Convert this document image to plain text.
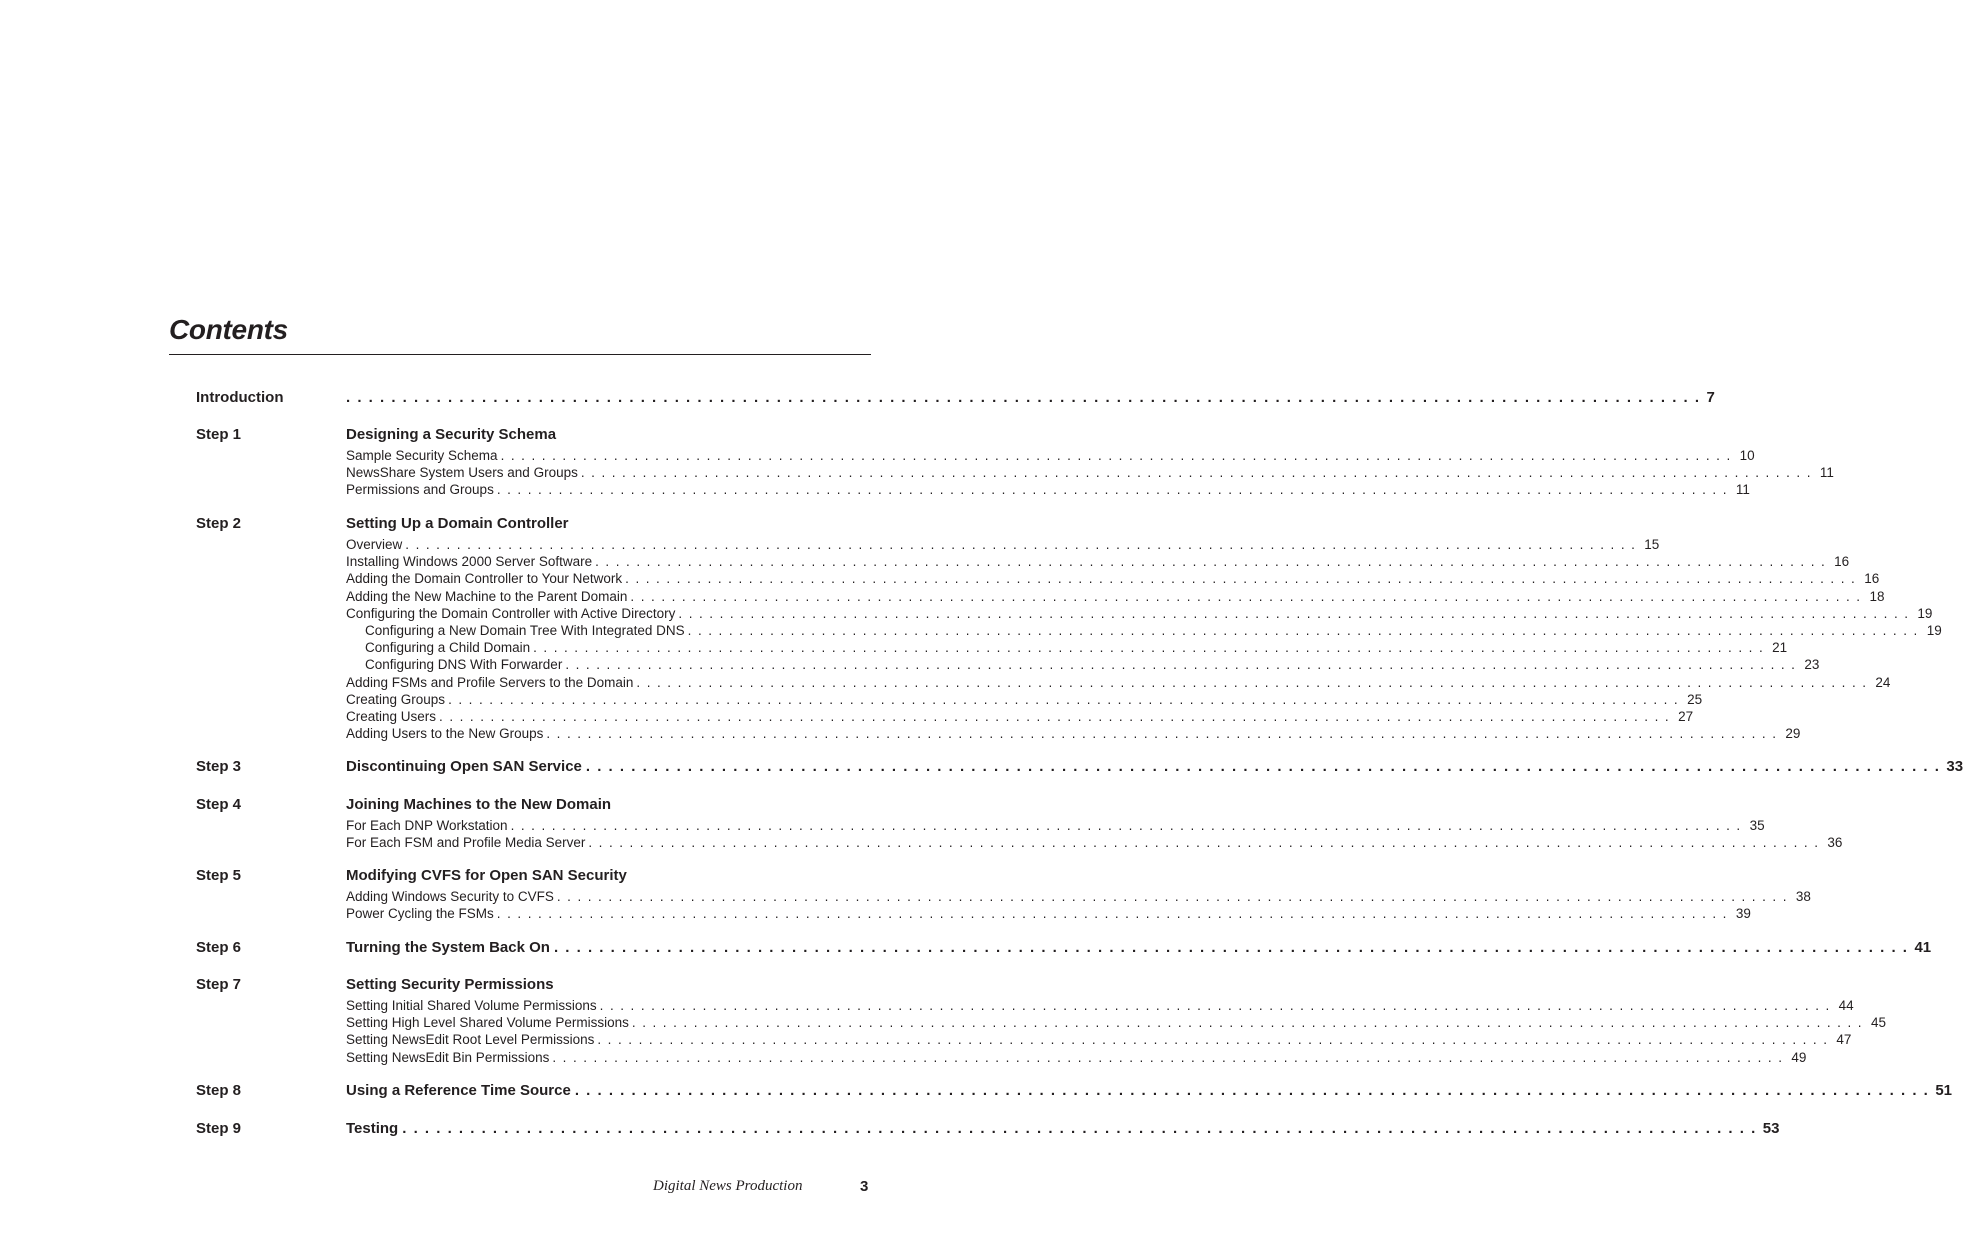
Contents
Introduction	. . . . . . . . . . . . . . . . . . . . . . . . . . . . . . . . . . . . . . . . . . . . . . . . . . . . . . . . . . . . . . . . . . . . . . . . . . . . . . . . . . . . . . . . . . . . . . . . . . . . . . . . . . . . . . . . . . . . . . . . 7
Step 1	Designing a Security Schema
Sample Security Schema . . . . . . . . . . . . . . . . . . . . . . . . . . . . . . . . . . . . . . . . . . . . . . . . . . . . . . . . . . . . . . . . . . . . . . . . . . . . . . . . . . . . . . . . . . . . . . . . . . . . . . . . . . . . . . . . . . . . . . . . 10
NewsShare System Users and Groups . . . . . . . . . . . . . . . . . . . . . . . . . . . . . . . . . . . . . . . . . . . . . . . . . . . . . . . . . . . . . . . . . . . . . . . . . . . . . . . . . . . . . . . . . . . . . . . . . . . . . . . . . . . . . . . . . . . . . . . . 11
Permissions and Groups . . . . . . . . . . . . . . . . . . . . . . . . . . . . . . . . . . . . . . . . . . . . . . . . . . . . . . . . . . . . . . . . . . . . . . . . . . . . . . . . . . . . . . . . . . . . . . . . . . . . . . . . . . . . . . . . . . . . . . . . 11
Step 2	Setting Up a Domain Controller
Overview . . . . . . . . . . . . . . . . . . . . . . . . . . . . . . . . . . . . . . . . . . . . . . . . . . . . . . . . . . . . . . . . . . . . . . . . . . . . . . . . . . . . . . . . . . . . . . . . . . . . . . . . . . . . . . . . . . . . . . . . 15
Installing Windows 2000 Server Software . . . . . . . . . . . . . . . . . . . . . . . . . . . . . . . . . . . . . . . . . . . . . . . . . . . . . . . . . . . . . . . . . . . . . . . . . . . . . . . . . . . . . . . . . . . . . . . . . . . . . . . . . . . . . . . . . . . . . . . . 16
Adding the Domain Controller to Your Network . . . . . . . . . . . . . . . . . . . . . . . . . . . . . . . . . . . . . . . . . . . . . . . . . . . . . . . . . . . . . . . . . . . . . . . . . . . . . . . . . . . . . . . . . . . . . . . . . . . . . . . . . . . . . . . . . . . . . . . . 16
Adding the New Machine to the Parent Domain . . . . . . . . . . . . . . . . . . . . . . . . . . . . . . . . . . . . . . . . . . . . . . . . . . . . . . . . . . . . . . . . . . . . . . . . . . . . . . . . . . . . . . . . . . . . . . . . . . . . . . . . . . . . . . . . . . . . . . . . 18
Configuring the Domain Controller with Active Directory . . . . . . . . . . . . . . . . . . . . . . . . . . . . . . . . . . . . . . . . . . . . . . . . . . . . . . . . . . . . . . . . . . . . . . . . . . . . . . . . . . . . . . . . . . . . . . . . . . . . . . . . . . . . . . . . . . . . . . . . 19
Configuring a New Domain Tree With Integrated DNS . . . . . . . . . . . . . . . . . . . . . . . . . . . . . . . . . . . . . . . . . . . . . . . . . . . . . . . . . . . . . . . . . . . . . . . . . . . . . . . . . . . . . . . . . . . . . . . . . . . . . . . . . . . . . . . . . . . . . . . . 19
Configuring a Child Domain . . . . . . . . . . . . . . . . . . . . . . . . . . . . . . . . . . . . . . . . . . . . . . . . . . . . . . . . . . . . . . . . . . . . . . . . . . . . . . . . . . . . . . . . . . . . . . . . . . . . . . . . . . . . . . . . . . . . . . . . 21
Configuring DNS With Forwarder . . . . . . . . . . . . . . . . . . . . . . . . . . . . . . . . . . . . . . . . . . . . . . . . . . . . . . . . . . . . . . . . . . . . . . . . . . . . . . . . . . . . . . . . . . . . . . . . . . . . . . . . . . . . . . . . . . . . . . . . 23
Adding FSMs and Profile Servers to the Domain . . . . . . . . . . . . . . . . . . . . . . . . . . . . . . . . . . . . . . . . . . . . . . . . . . . . . . . . . . . . . . . . . . . . . . . . . . . . . . . . . . . . . . . . . . . . . . . . . . . . . . . . . . . . . . . . . . . . . . . . 24
Creating Groups . . . . . . . . . . . . . . . . . . . . . . . . . . . . . . . . . . . . . . . . . . . . . . . . . . . . . . . . . . . . . . . . . . . . . . . . . . . . . . . . . . . . . . . . . . . . . . . . . . . . . . . . . . . . . . . . . . . . . . . . 25
Creating Users . . . . . . . . . . . . . . . . . . . . . . . . . . . . . . . . . . . . . . . . . . . . . . . . . . . . . . . . . . . . . . . . . . . . . . . . . . . . . . . . . . . . . . . . . . . . . . . . . . . . . . . . . . . . . . . . . . . . . . . . 27
Adding Users to the New Groups . . . . . . . . . . . . . . . . . . . . . . . . . . . . . . . . . . . . . . . . . . . . . . . . . . . . . . . . . . . . . . . . . . . . . . . . . . . . . . . . . . . . . . . . . . . . . . . . . . . . . . . . . . . . . . . . . . . . . . . . 29
Step 3	Discontinuing Open SAN Service . . . . . . . . . . . . . . . . . . . . . . . . . . . . . . . . . . . . . . . . . . . . . . . . . . . . . . . . . . . . . . . . . . . . . . . . . . . . . . . . . . . . . . . . . . . . . . . . . . . . . . . . . . . . . . . . . . . . . . . . 33
Step 4	Joining Machines to the New Domain
For Each DNP Workstation . . . . . . . . . . . . . . . . . . . . . . . . . . . . . . . . . . . . . . . . . . . . . . . . . . . . . . . . . . . . . . . . . . . . . . . . . . . . . . . . . . . . . . . . . . . . . . . . . . . . . . . . . . . . . . . . . . . . . . . . 35
For Each FSM and Profile Media Server . . . . . . . . . . . . . . . . . . . . . . . . . . . . . . . . . . . . . . . . . . . . . . . . . . . . . . . . . . . . . . . . . . . . . . . . . . . . . . . . . . . . . . . . . . . . . . . . . . . . . . . . . . . . . . . . . . . . . . . . 36
Step 5	Modifying CVFS for Open SAN Security
Adding Windows Security to CVFS . . . . . . . . . . . . . . . . . . . . . . . . . . . . . . . . . . . . . . . . . . . . . . . . . . . . . . . . . . . . . . . . . . . . . . . . . . . . . . . . . . . . . . . . . . . . . . . . . . . . . . . . . . . . . . . . . . . . . . . . 38
Power Cycling the FSMs . . . . . . . . . . . . . . . . . . . . . . . . . . . . . . . . . . . . . . . . . . . . . . . . . . . . . . . . . . . . . . . . . . . . . . . . . . . . . . . . . . . . . . . . . . . . . . . . . . . . . . . . . . . . . . . . . . . . . . . . 39
Step 6	Turning the System Back On . . . . . . . . . . . . . . . . . . . . . . . . . . . . . . . . . . . . . . . . . . . . . . . . . . . . . . . . . . . . . . . . . . . . . . . . . . . . . . . . . . . . . . . . . . . . . . . . . . . . . . . . . . . . . . . . . . . . . . . . 41
Step 7	Setting Security Permissions
Setting Initial Shared Volume Permissions . . . . . . . . . . . . . . . . . . . . . . . . . . . . . . . . . . . . . . . . . . . . . . . . . . . . . . . . . . . . . . . . . . . . . . . . . . . . . . . . . . . . . . . . . . . . . . . . . . . . . . . . . . . . . . . . . . . . . . . . 44
Setting High Level Shared Volume Permissions . . . . . . . . . . . . . . . . . . . . . . . . . . . . . . . . . . . . . . . . . . . . . . . . . . . . . . . . . . . . . . . . . . . . . . . . . . . . . . . . . . . . . . . . . . . . . . . . . . . . . . . . . . . . . . . . . . . . . . . . 45
Setting NewsEdit Root Level Permissions . . . . . . . . . . . . . . . . . . . . . . . . . . . . . . . . . . . . . . . . . . . . . . . . . . . . . . . . . . . . . . . . . . . . . . . . . . . . . . . . . . . . . . . . . . . . . . . . . . . . . . . . . . . . . . . . . . . . . . . . 47
Setting NewsEdit Bin Permissions . . . . . . . . . . . . . . . . . . . . . . . . . . . . . . . . . . . . . . . . . . . . . . . . . . . . . . . . . . . . . . . . . . . . . . . . . . . . . . . . . . . . . . . . . . . . . . . . . . . . . . . . . . . . . . . . . . . . . . . . 49
Step 8	Using a Reference Time Source . . . . . . . . . . . . . . . . . . . . . . . . . . . . . . . . . . . . . . . . . . . . . . . . . . . . . . . . . . . . . . . . . . . . . . . . . . . . . . . . . . . . . . . . . . . . . . . . . . . . . . . . . . . . . . . . . . . . . . . . 51
Step 9	Testing . . . . . . . . . . . . . . . . . . . . . . . . . . . . . . . . . . . . . . . . . . . . . . . . . . . . . . . . . . . . . . . . . . . . . . . . . . . . . . . . . . . . . . . . . . . . . . . . . . . . . . . . . . . . . . . . . . . . . . . . 53
Digital News Production	3
